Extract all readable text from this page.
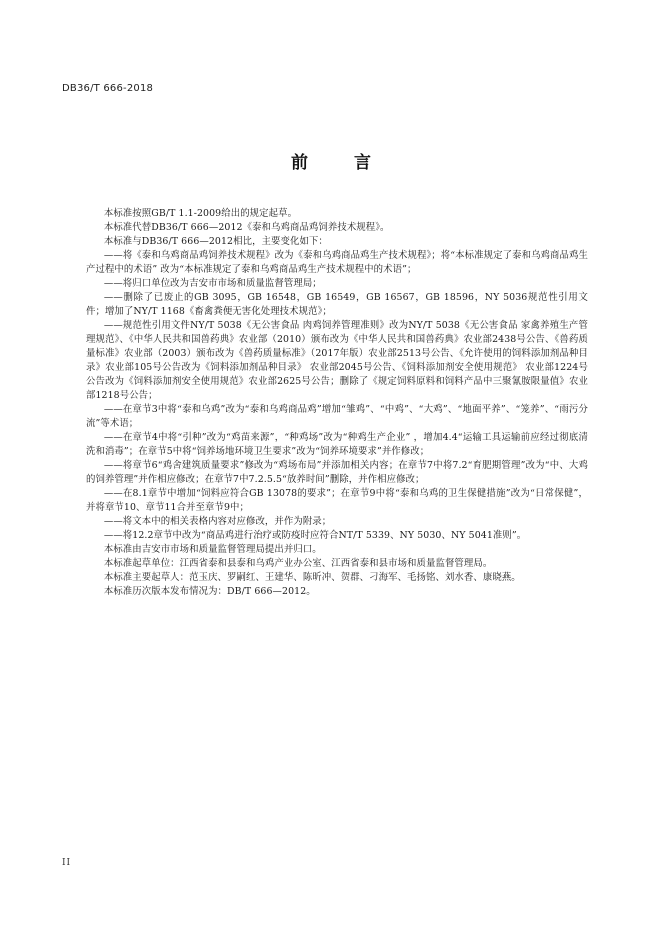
DB36/T 666-2018
前 言

本标准按照GB/T 1.1-2009给出的规定起草。

本标准代替DB36/T 666—2012《泰和乌鸡商品鸡饲养技术规程》。

本标准与DB36/T 666—2012相比，主要变化如下：

——将《泰和乌鸡商品鸡饲养技术规程》改为《泰和乌鸡商品鸡生产技术规程》；将“本标准规定了泰和乌鸡商品鸡生产过程中的术语” 改为“本标准规定了泰和乌鸡商品鸡生产技术规程中的术语”；

——将归口单位改为吉安市市场和质量监督管理局；

——删除了已废止的GB 3095，GB 16548，GB 16549，GB 16567，GB 18596，NY 5036规范性引用文件；增加了NY/T 1168《畜禽粪便无害化处理技术规范》；

——规范性引用文件NY/T 5038《无公害食品 肉鸡饲养管理准则》改为NY/T 5038《无公害食品 家禽养殖生产管理规范》、《中华人民共和国兽药典》农业部（2010）颁布改为《中华人民共和国兽药典》农业部2438号公告、《兽药质量标准》农业部（2003）颁布改为《兽药质量标准》（2017年版）农业部2513号公告、《允许使用的饲料添加剂品种目录》农业部105号公告改为《饲料添加剂品种目录》 农业部2045号公告、《饲料添加剂安全使用规范》 农业部1224号公告改为《饲料添加剂安全使用规范》农业部2625号公告；删除了《规定饲料原料和饲料产品中三聚氰胺限量值》农业部1218号公告；

——在章节3中将“泰和乌鸡”改为“泰和乌鸡商品鸡”增加“雏鸡”、“中鸡”、“大鸡”、“地面平养”、“笼养”、“雨污分流”等术语；

——在章节4中将“引种”改为“鸡苗来源”，“种鸡场”改为“种鸡生产企业” ，增加4.4“运输工具运输前应经过彻底清洗和消毒”；在章节5中将“饲养场地环境卫生要求”改为“饲养环境要求”并作修改；

——将章节6“鸡舍建筑质量要求”修改为“鸡场布局”并添加相关内容；在章节7中将7.2“育肥期管理”改为“中、大鸡的饲养管理”并作相应修改；在章节7中7.2.5.5“放养时间”删除，并作相应修改；

——在8.1章节中增加“饲料应符合GB 13078的要求”；在章节9中将“泰和乌鸡的卫生保健措施”改为“日常保健”，并将章节10、章节11合并至章节9中；

——将文本中的相关表格内容对应修改，并作为附录；

——将12.2章节中改为“商品鸡进行治疗或防疫时应符合NT/T 5339、NY 5030、NY 5041准则”。

本标准由吉安市市场和质量监督管理局提出并归口。

本标准起草单位：江西省泰和县泰和乌鸡产业办公室、江西省泰和县市场和质量监督管理局。

本标准主要起草人：范玉庆、罗嗣红、王建华、陈昕冲、贺群、刁海军、毛扬铭、刘水香、康晓燕。

本标准历次版本发布情况为：DB/T 666—2012。

II
